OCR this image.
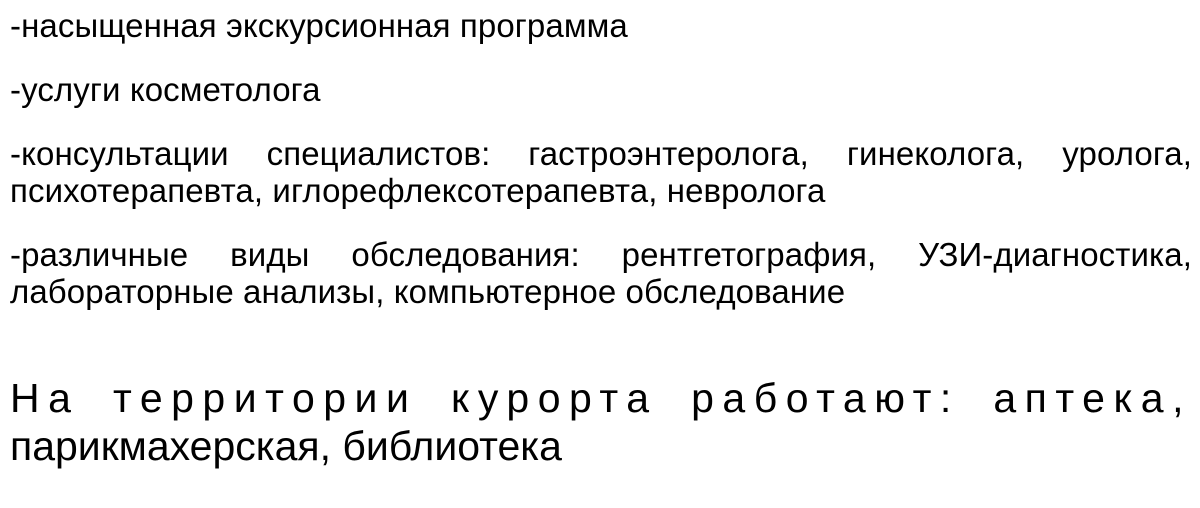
-насыщенная экскурсионная программа

-услуги косметолога

-консультации специалистов: гастроэнтеролога, гинеколога, уролога,
психотерапевта, иглорефлексотерапевта, невролога

-различные виды обследования: рентгетография, УЗИ-диагностика,
лабораторные анализы, компьютерное обследование

На территории курорта работают: аптека,
парикмахерская, библиотека
